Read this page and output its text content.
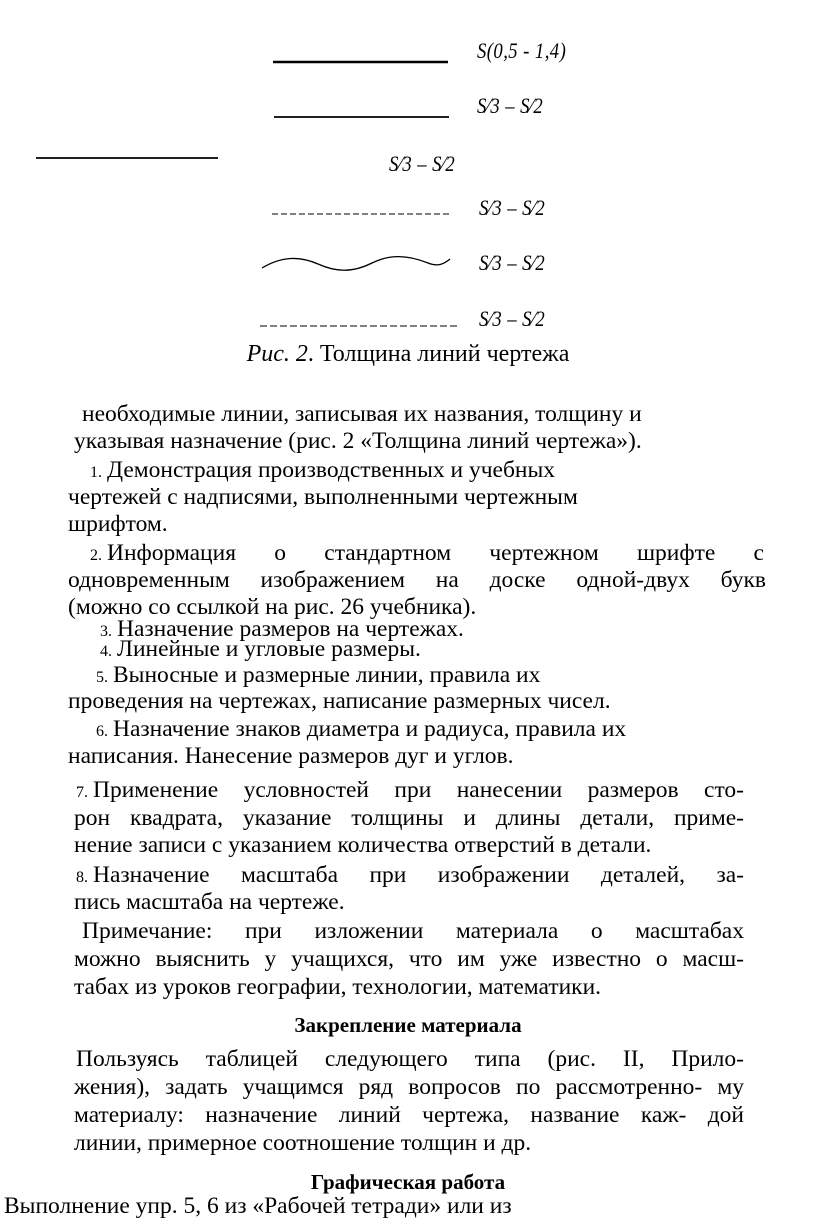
S(0,5 - 1,4)
S⁄3 – S⁄2
S⁄3 – S⁄2
S⁄3 – S⁄2
S⁄3 – S⁄2
S⁄3 – S⁄2
Рис. 2. Толщина линий чертежа
необходимые линии, записывая их названия, толщину и
указывая назначение (рис. 2 «Толщина линий чертежа»).
1. Демонстрация производственных и учебных
чертежей с надписями, выполненными чертежным
шрифтом.
2. Информация о стандартном чертежном шрифте с
одновременным изображением на доске одной-двух букв
(можно со ссылкой на рис. 26 учебника).
3. Назначение размеров на чертежах.
4. Линейные и угловые размеры.
5. Выносные и размерные линии, правила их
проведения на чертежах, написание размерных чисел.
6. Назначение знаков диаметра и радиуса, правила их
написания. Нанесение размеров дуг и углов.
7. Применение условностей при нанесении размеров сто-
рон квадрата, указание толщины и длины детали, приме-
нение записи с указанием количества отверстий в детали.
8. Назначение масштаба при изображении деталей, за-
пись масштаба на чертеже.
Примечание: при изложении материала о масштабах
можно выяснить у учащихся, что им уже известно о масш-
табах из уроков географии, технологии, математики.
Закрепление материала
Пользуясь таблицей следующего типа (рис. II, Прило-
жения), задать учащимся ряд вопросов по рассмотренно- му
материалу: назначение линий чертежа, название каж- дой
линии, примерное соотношение толщин и др.
Графическая работа
Выполнение упр. 5, 6 из «Рабочей тетради» или из
